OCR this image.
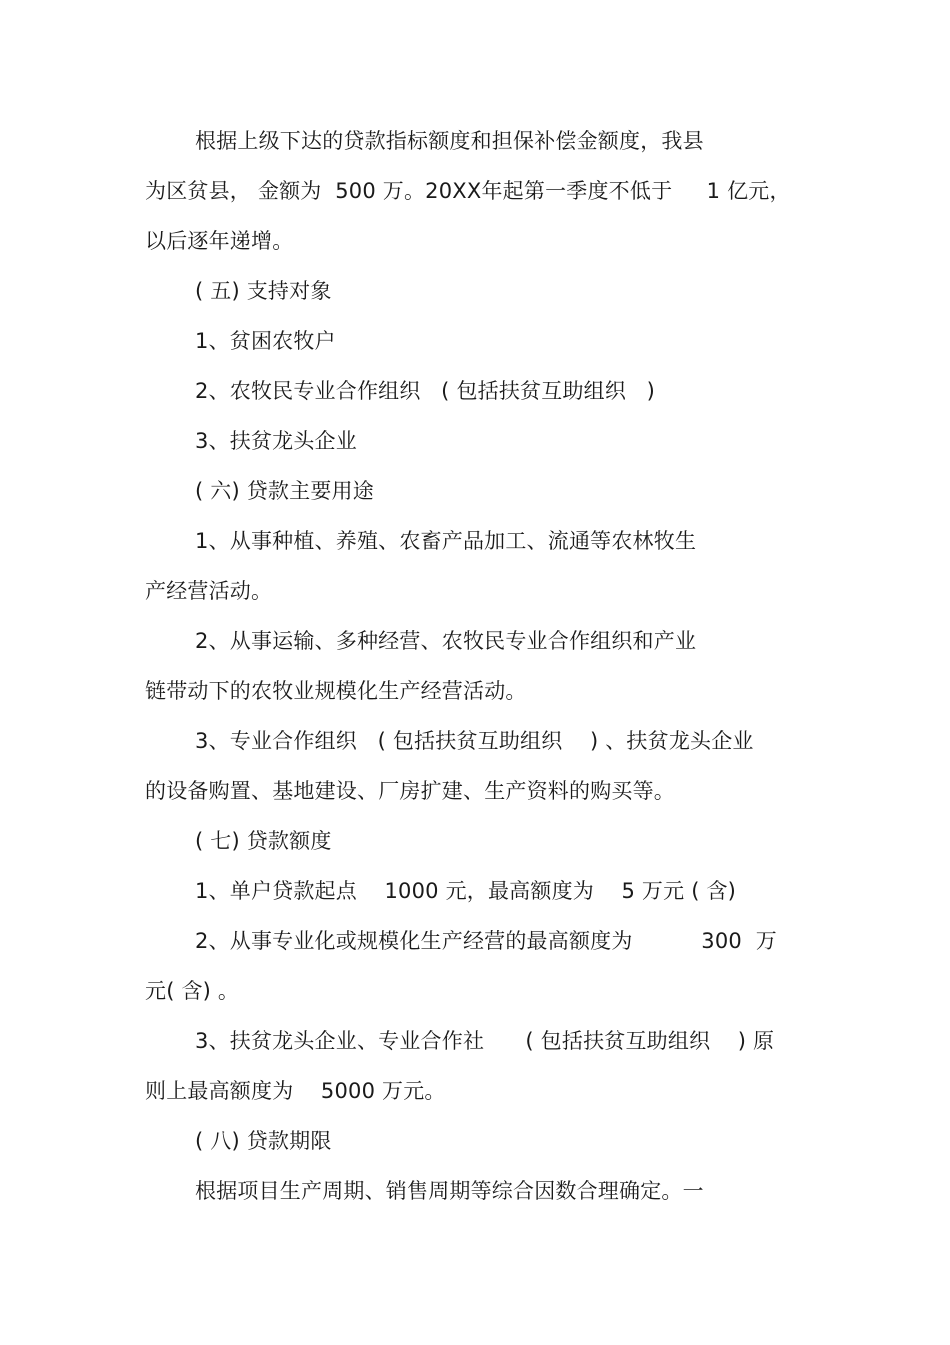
根据上级下达的贷款指标额度和担保补偿金额度，我县
为区贫县， 金额为  500 万。20XX年起第一季度不低于     1 亿元，
以后逐年递增。
( 五) 支持对象
1、贫困农牧户
2、农牧民专业合作组织   ( 包括扶贫互助组织   )
3、扶贫龙头企业
( 六) 贷款主要用途
1、从事种植、养殖、农畜产品加工、流通等农林牧生
产经营活动。
2、从事运输、多种经营、农牧民专业合作组织和产业
链带动下的农牧业规模化生产经营活动。
3、专业合作组织   ( 包括扶贫互助组织    ) 、扶贫龙头企业
的设备购置、基地建设、厂房扩建、生产资料的购买等。
( 七) 贷款额度
1、单户贷款起点    1000 元，最高额度为    5 万元 ( 含)
2、从事专业化或规模化生产经营的最高额度为          300  万
元( 含) 。
3、扶贫龙头企业、专业合作社      ( 包括扶贫互助组织    ) 原
则上最高额度为    5000 万元。
( 八) 贷款期限
根据项目生产周期、销售周期等综合因数合理确定。一
